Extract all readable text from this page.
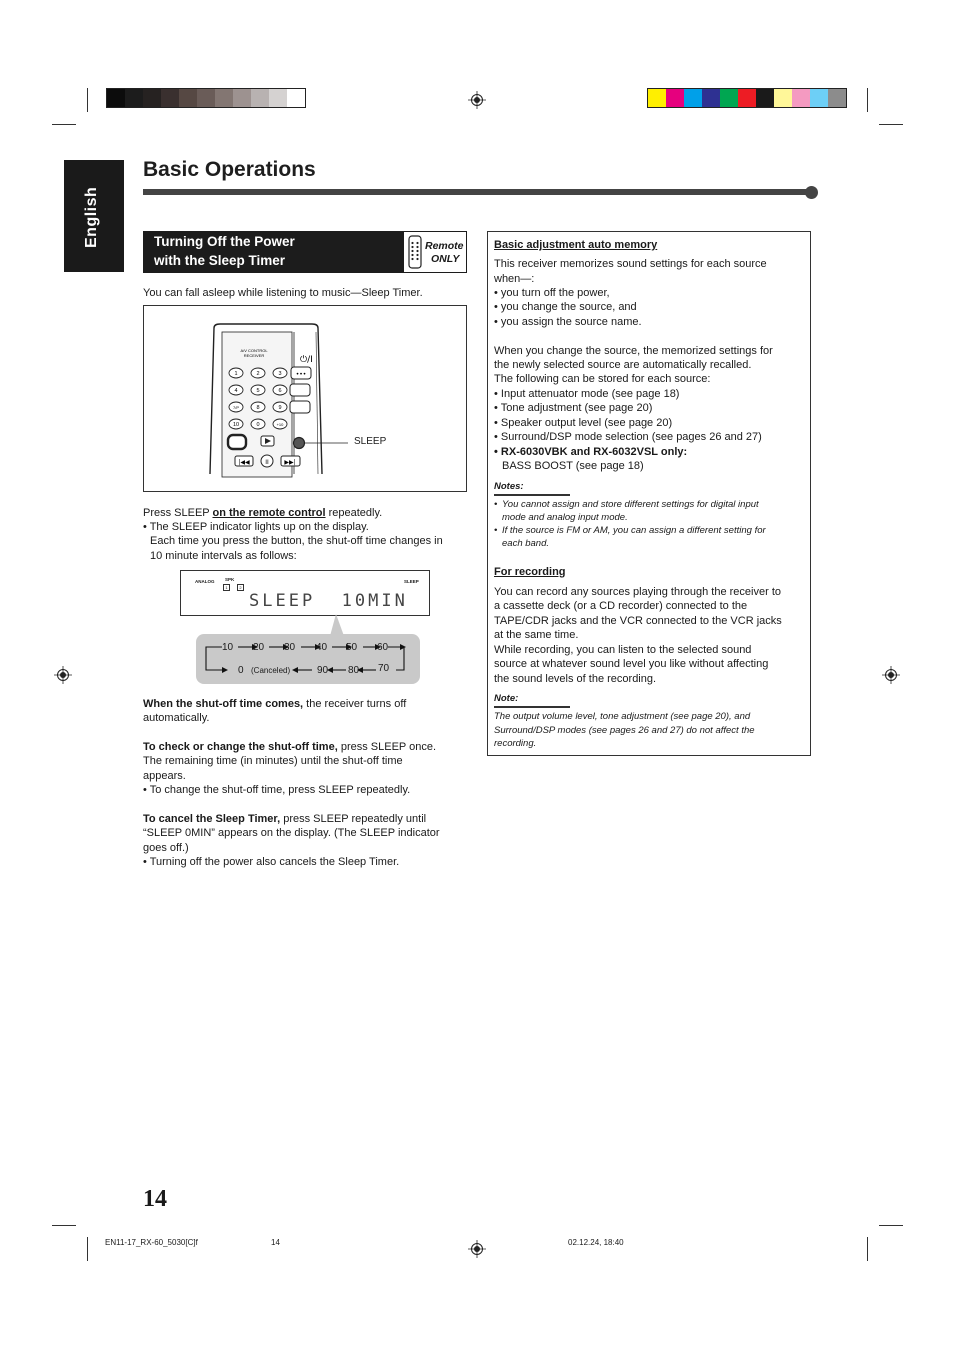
English
Basic Operations
Turning Off the Power
with the Sleep Timer
Remote
ONLY
You can fall asleep while listening to music—Sleep Timer.
A/V CONTROL
RECEIVER	⏻/I
1	2	3
4	5	6
7/P	8	9
10	0	+10
•••
|◀◀	II	▶▶|
SLEEP
Press SLEEP on the remote control repeatedly.
• The SLEEP indicator lights up on the display.
Each time you press the button, the shut-off time changes in
10 minute intervals as follows:
ANALOG SPK
1	2
SLEEP
SLEEP  10MIN
10 20 30 40 50 60
0 (Canceled)	90 80 70
When the shut-off time comes, the receiver turns off
automatically.
To check or change the shut-off time, press SLEEP once.
The remaining time (in minutes) until the shut-off time
appears.
• To change the shut-off time, press SLEEP repeatedly.
To cancel the Sleep Timer, press SLEEP repeatedly until
“SLEEP 0MIN” appears on the display. (The SLEEP indicator
goes off.)
• Turning off the power also cancels the Sleep Timer.
Basic adjustment auto memory
This receiver memorizes sound settings for each source
when—:
• you turn off the power,
• you change the source, and
• you assign the source name.
When you change the source, the memorized settings for
the newly selected source are automatically recalled.
The following can be stored for each source:
• Input attenuator mode (see page 18)
• Tone adjustment (see page 20)
• Speaker output level (see page 20)
• Surround/DSP mode selection (see pages 26 and 27)
• RX-6030VBK and RX-6032VSL only:
BASS BOOST (see page 18)
Notes:
• You cannot assign and store different settings for digital input
mode and analog input mode.
• If the source is FM or AM, you can assign a different setting for
each band.
For recording
You can record any sources playing through the receiver to
a cassette deck (or a CD recorder) connected to the
TAPE/CDR jacks and the VCR connected to the VCR jacks
at the same time.
While recording, you can listen to the selected sound
source at whatever sound level you like without affecting
the sound levels of the recording.
Note:
The output volume level, tone adjustment (see page 20), and
Surround/DSP modes (see pages 26 and 27) do not affect the
recording.
14
EN11-17_RX-60_5030[C]f	14	02.12.24, 18:40
